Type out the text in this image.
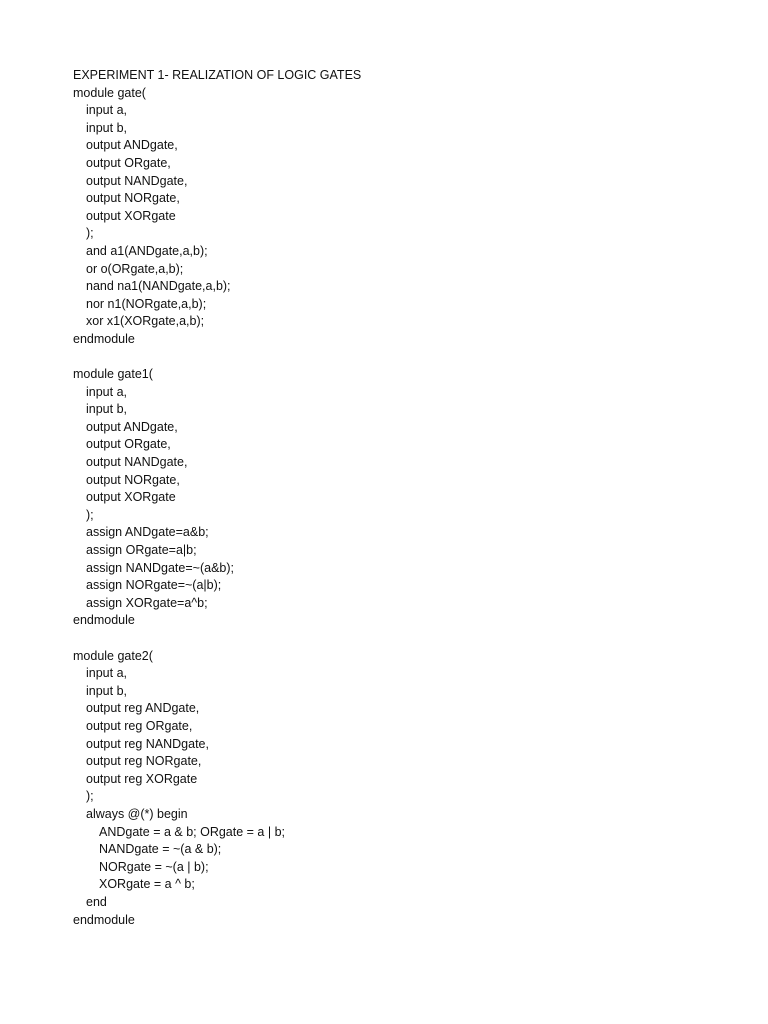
EXPERIMENT 1- REALIZATION OF LOGIC GATES
module gate(
input a,
input b,
output ANDgate,
output ORgate,
output NANDgate,
output NORgate,
output XORgate
);
and a1(ANDgate,a,b);
or o(ORgate,a,b);
nand na1(NANDgate,a,b);
nor n1(NORgate,a,b);
xor x1(XORgate,a,b);
endmodule
module gate1(
input a,
input b,
output ANDgate,
output ORgate,
output NANDgate,
output NORgate,
output XORgate
);
assign ANDgate=a&b;
assign ORgate=a|b;
assign NANDgate=~(a&b);
assign NORgate=~(a|b);
assign XORgate=a^b;
endmodule
module gate2(
input a,
input b,
output reg ANDgate,
output reg ORgate,
output reg NANDgate,
output reg NORgate,
output reg XORgate
);
always @(*) begin
ANDgate = a & b; ORgate = a | b;
NANDgate = ~(a & b);
NORgate = ~(a | b);
XORgate = a ^ b;
end
endmodule
